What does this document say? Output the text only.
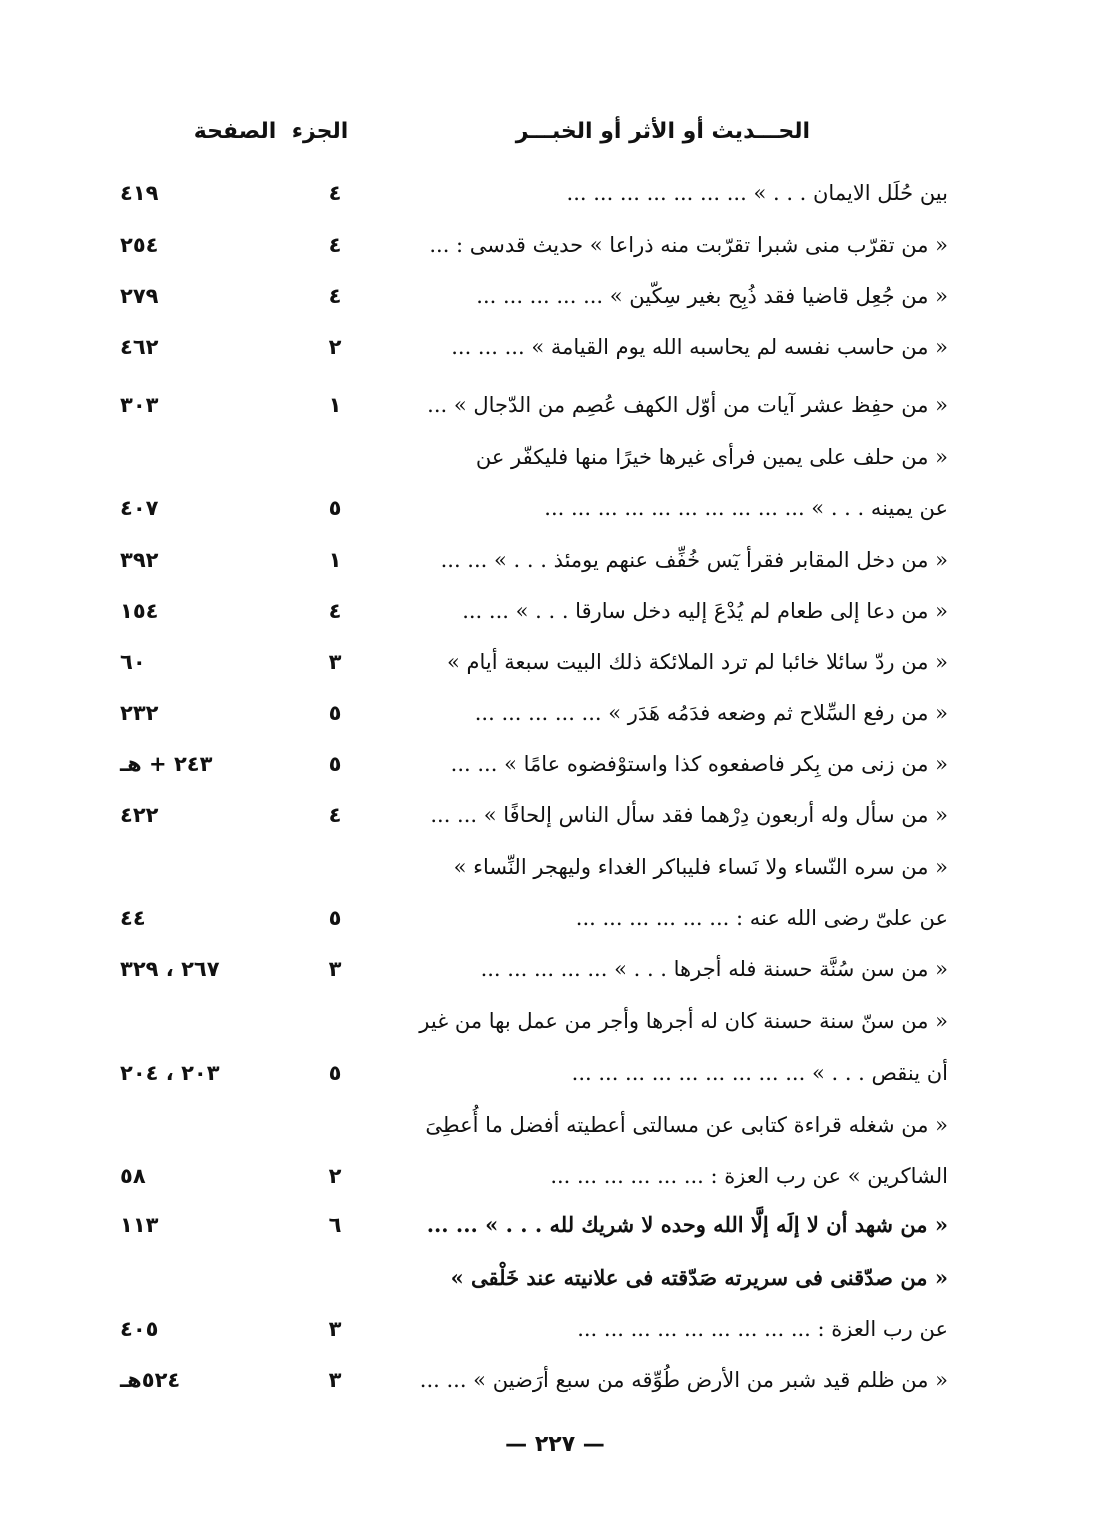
الحـــديث أو الأثر أو الخبـــر
الجزء
الصفحة
بين حُلَل الايمان . . . » ... ... ... ... ... ... ...
٤
٤١٩
« من تقرّب منى شبرا تقرّبت منه ذراعا » حديث قدسى : ...
٤
٢٥٤
« من جُعِل قاضيا فقد ذُبِح بغير سِكّين » ... ... ... ... ...
٤
٢٧٩
« من حاسب نفسه لم يحاسبه الله يوم القيامة » ... ... ...
٢
٤٦٢
« من حفِظ عشر آيات من أوّل الكهف عُصِم من الدّجال » ...
١
٣٠٣
« من حلف على يمين فرأى غيرها خيرًا منها فليكفّر عن
عن يمينه . . . » ... ... ... ... ... ... ... ... ... ...
٥
٤٠٧
« من دخل المقابر فقرأ يٓس خُفِّف عنهم يومئذ . . . » ... ...
١
٣٩٢
« من دعا إلى طعام لم يُدْعَ إليه دخل سارقا . . . » ... ...
٤
١٥٤
« من ردّ سائلا خائبا لم ترد الملائكة ذلك البيت سبعة أيام »
٣
٦٠
« من رفع السِّلاح ثم وضعه فدَمُه هَدَر » ... ... ... ... ...
٥
٢٣٢
« من زنى من بِكر فاصفعوه كذا واستوْفضوه عامًا » ... ...
٥
٢٤٣ + هـ
« من سأل وله أربعون دِرْهما فقد سأل الناس إلحافًا » ... ...
٤
٤٢٢
« من سره النّساء ولا نَساء فليباكر الغداء وليهجر النِّساء »
عن علىّ رضى الله عنه : ... ... ... ... ... ...
٥
٤٤
« من سن سُنَّة حسنة فله أجرها . . . » ... ... ... ... ...
٣
٢٦٧ ، ٣٢٩
« من سنّ سنة حسنة كان له أجرها وأجر من عمل بها من غير
أن ينقص . . . » ... ... ... ... ... ... ... ... ...
٥
٢٠٣ ، ٢٠٤
« من شغله قراءة كتابى عن مسالتى أعطيته أفضل ما أُعطِىَ
الشاكرين » عن رب العزة : ... ... ... ... ... ...
٢
٥٨
« من شهد أن لا إلَه إلَّا الله وحده لا شريك لله . . . » ... ...
٦
١١٣
« من صدّقنى فى سريرته صَدّقته فى علانيته عند خَلْقى »
عن رب العزة : ... ... ... ... ... ... ... ... ...
٣
٤٠٥
« من ظلم قيد شبر من الأرض طُوِّقه من سبع أرَضين » ... ...
٣
٥٢٤هـ
— ٢٢٧ —
